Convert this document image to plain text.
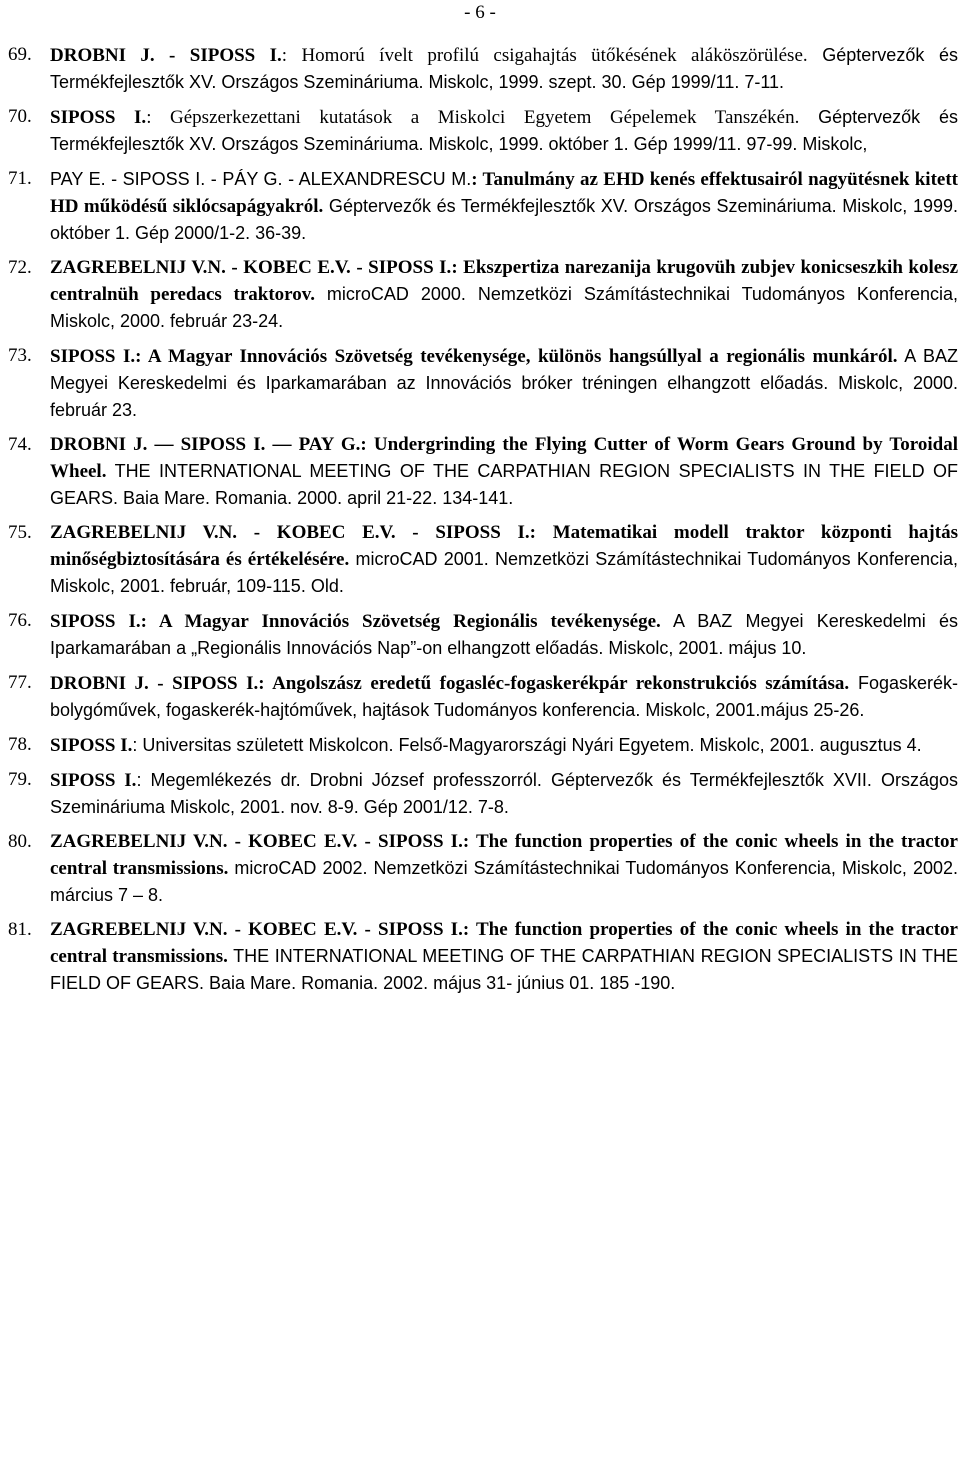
- 6 -
69. DROBNI J. - SIPOSS I.: Homorú ívelt profilú csigahajtás ütőkésének aláköszörülése. Géptervezők és Termékfejlesztők XV. Országos Szemináriuma. Miskolc, 1999. szept. 30. Gép 1999/11. 7-11.
70. SIPOSS I.: Gépszerkezettani kutatások a Miskolci Egyetem Gépelemek Tanszékén. Géptervezők és Termékfejlesztők XV. Országos Szemináriuma. Miskolc, 1999. október 1. Gép 1999/11. 97-99. Miskolc,
71.	PAY E. - SIPOSS I. - PÁY G. - ALEXANDRESCU M.: Tanulmány az EHD kenés effektusairól nagyütésnek kitett HD működésű siklócsapágyakról. Géptervezők és Termékfejlesztők XV. Országos Szemináriuma. Miskolc, 1999. október 1. Gép 2000/1-2. 36-39.
72. ZAGREBELNIJ V.N. - KOBEC E.V. - SIPOSS I.: Ekszpertiza narezanija krugovüh zubjev konicseszkih kolesz centralnüh peredacs traktorov. microCAD 2000. Nemzetközi Számítástechnikai Tudományos Konferencia, Miskolc, 2000. február 23-24.
73. SIPOSS I.: A Magyar Innovációs Szövetség tevékenysége, különös hangsúllyal a regionális munkáról. A BAZ Megyei Kereskedelmi és Iparkamarában az Innovációs bróker tréningen elhangzott előadás. Miskolc, 2000. február 23.
74. DROBNI J. — SIPOSS I. — PAY G.: Undergrinding the Flying Cutter of Worm Gears Ground by Toroidal Wheel. THE INTERNATIONAL MEETING OF THE CARPATHIAN REGION SPECIALISTS IN THE FIELD OF GEARS. Baia Mare. Romania. 2000. april 21-22. 134-141.
75. ZAGREBELNIJ V.N. - KOBEC E.V. - SIPOSS I.: Matematikai modell traktor központi hajtás minőségbiztosítására és értékelésére. microCAD 2001. Nemzetközi Számítástechnikai Tudományos Konferencia, Miskolc, 2001. február, 109-115. Old.
76. SIPOSS I.: A Magyar Innovációs Szövetség Regionális tevékenysége. A BAZ Megyei Kereskedelmi és Iparkamarában a „Regionális Innovációs Nap”-on elhangzott előadás. Miskolc, 2001. május 10.
77. DROBNI J. - SIPOSS I.: Angolszász eredetű fogasléc-fogaskerékpár rekonstrukciós számítása. Fogaskerék-bolygóművek, fogaskerék-hajtóművek, hajtások Tudományos konferencia. Miskolc, 2001.május 25-26.
78. SIPOSS I.: Universitas született Miskolcon. Felső-Magyarországi Nyári Egyetem. Miskolc, 2001. augusztus 4.
79. SIPOSS I.: Megemlékezés dr. Drobni József professzorról. Géptervezők és Termékfejlesztők XVII. Országos Szemináriuma Miskolc, 2001. nov. 8-9. Gép 2001/12. 7-8.
80. ZAGREBELNIJ V.N. - KOBEC E.V. - SIPOSS I.: The function properties of the conic wheels in the tractor central transmissions. microCAD 2002. Nemzetközi Számítástechnikai Tudományos Konferencia, Miskolc, 2002. március 7 – 8.
81. ZAGREBELNIJ V.N. - KOBEC E.V. - SIPOSS I.: The function properties of the conic wheels in the tractor central transmissions. THE INTERNATIONAL MEETING OF THE CARPATHIAN REGION SPECIALISTS IN THE FIELD OF GEARS. Baia Mare. Romania. 2002. május 31- június 01. 185 -190.
